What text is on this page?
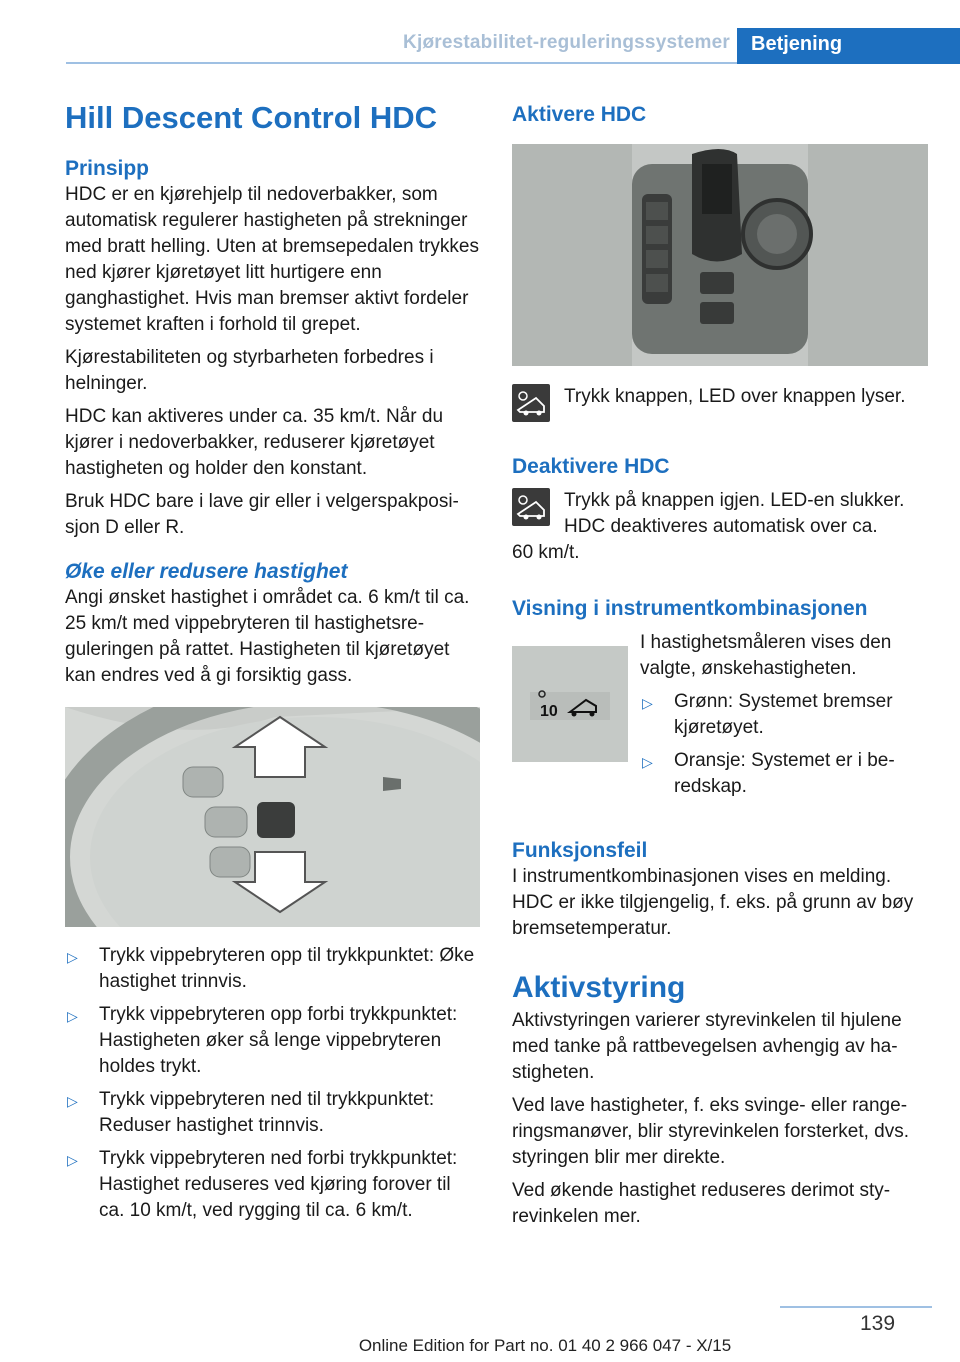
Kjørestabilitet-reguleringssystemer	Betjening
Hill Descent Control HDC
Prinsipp

HDC er en kjørehjelp til nedoverbakker, som automatisk regulerer hastigheten på strekninger med bratt helling. Uten at bremsepedalen trykkes ned kjører kjøretøyet litt hurtigere enn ganghastighet. Hvis man bremser aktivt fordeler systemet kraften i forhold til grepet.

Kjørestabiliteten og styrbarheten forbedres i helninger.

HDC kan aktiveres under ca. 35 km/t. Når du kjører i nedoverbakker, reduserer kjøretøyet hastigheten og holder den konstant.

Bruk HDC bare i lave gir eller i velgerspakposisjon D eller R.

Øke eller redusere hastighet

Angi ønsket hastighet i området ca. 6 km/t til ca. 25 km/t med vippebryteren til hastighetsreguleringen på rattet. Hastigheten til kjøretøyet kan endres ved å gi forsiktig gass.

▷ Trykk vippebryteren opp til trykkpunktet: Øke hastighet trinnvis.
▷ Trykk vippebryteren opp forbi trykkpunktet: Hastigheten øker så lenge vippebryteren holdes trykt.
▷ Trykk vippebryteren ned til trykkpunktet: Reduser hastighet trinnvis.
▷ Trykk vippebryteren ned forbi trykkpunktet: Hastighet reduseres ved kjøring forover til ca. 10 km/t, ved rygging til ca. 6 km/t.
Aktivere HDC
Trykk knappen, LED over knappen lyser.
Deaktivere HDC
Trykk på knappen igjen. LED-en slukker. HDC deaktiveres automatisk over ca.

60 km/t.

Visning i instrumentkombinasjonen
10

I hastighetsmåleren vises den valgte, ønskehastigheten.

▷ Grønn: Systemet bremser kjøretøyet.
▷ Oransje: Systemet er i beredskap.
Funksjonsfeil

I instrumentkombinasjonen vises en melding. HDC er ikke tilgjengelig, f. eks. på grunn av bøy bremsetemperatur.

Aktivstyring

Aktivstyringen varierer styrevinkelen til hjulene med tanke på rattbevegelsen avhengig av hastigheten.

Ved lave hastigheter, f. eks svinge- eller rangeringsmanøver, blir styrevinkelen forsterket, dvs. styringen blir mer direkte.

Ved økende hastighet reduseres derimot styrevinkelen mer.

139
Online Edition for Part no. 01 40 2 966 047 - X/15
